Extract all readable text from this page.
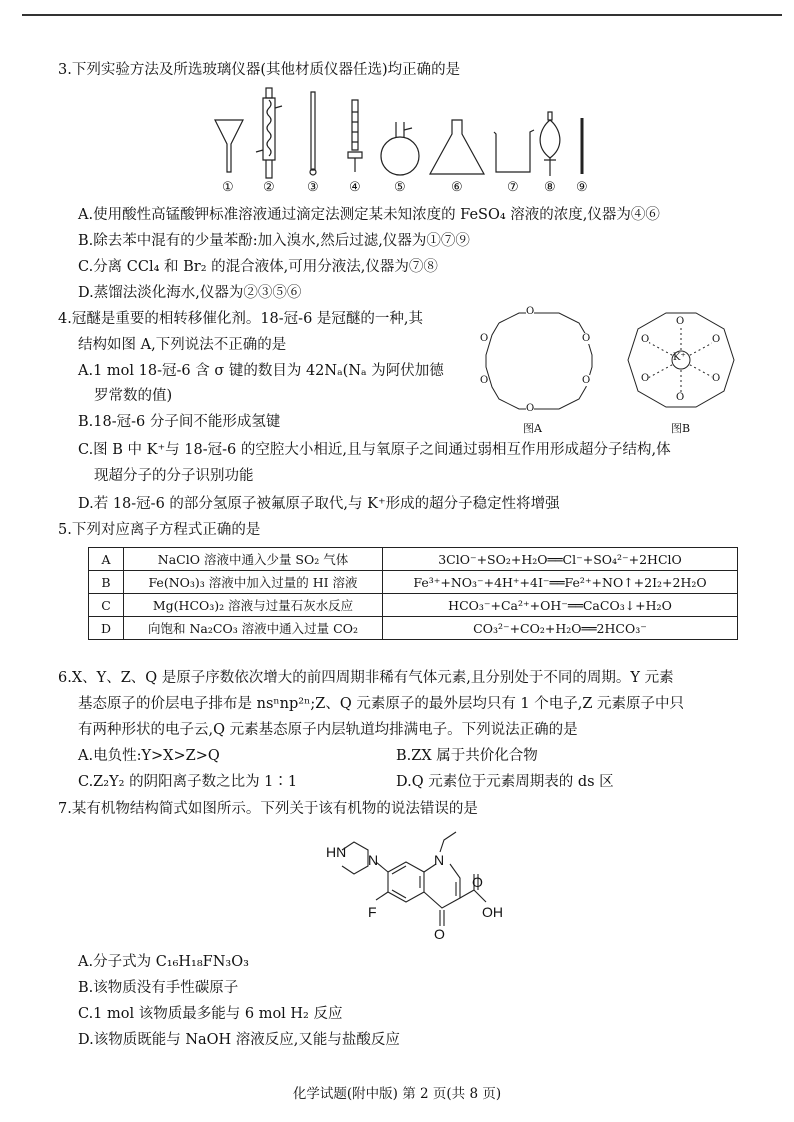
3.下列实验方法及所选玻璃仪器(其他材质仪器任选)均正确的是
① ② ③ ④	⑤	⑥	⑦ ⑧ ⑨
A.使用酸性高锰酸钾标准溶液通过滴定法测定某未知浓度的 FeSO₄ 溶液的浓度,仪器为④⑥
B.除去苯中混有的少量苯酚:加入溴水,然后过滤,仪器为①⑦⑨
C.分离 CCl₄ 和 Br₂ 的混合液体,可用分液法,仪器为⑦⑧
D.蒸馏法淡化海水,仪器为②③⑤⑥
4.冠醚是重要的相转移催化剂。18-冠-6 是冠醚的一种,其
结构如图 A,下列说法不正确的是
A.1 mol 18-冠-6 含 σ 键的数目为 42Nₐ(Nₐ 为阿伏加德
罗常数的值)
B.18-冠-6 分子间不能形成氢键
C.图 B 中 K⁺与 18-冠-6 的空腔大小相近,且与氧原子之间通过弱相互作用形成超分子结构,体
现超分子的分子识别功能
D.若 18-冠-6 的部分氢原子被氟原子取代,与 K⁺形成的超分子稳定性将增强
O
O
O
O
O
O
图A
O
O
O
O
O
O
K⁺
图B
5.下列对应离子方程式正确的是
A	NaClO 溶液中通入少量 SO₂ 气体	3ClO⁻+SO₂+H₂O══Cl⁻+SO₄²⁻+2HClO
B	Fe(NO₃)₃ 溶液中加入过量的 HI 溶液	Fe³⁺+NO₃⁻+4H⁺+4I⁻══Fe²⁺+NO↑+2I₂+2H₂O
C	Mg(HCO₃)₂ 溶液与过量石灰水反应	HCO₃⁻+Ca²⁺+OH⁻══CaCO₃↓+H₂O
D	向饱和 Na₂CO₃ 溶液中通入过量 CO₂	CO₃²⁻+CO₂+H₂O══2HCO₃⁻
6.X、Y、Z、Q 是原子序数依次增大的前四周期非稀有气体元素,且分别处于不同的周期。Y 元素
基态原子的价层电子排布是 nsⁿnp²ⁿ;Z、Q 元素原子的最外层均只有 1 个电子,Z 元素原子中只
有两种形状的电子云,Q 元素基态原子内层轨道均排满电子。下列说法正确的是
A.电负性:Y>X>Z>Q	B.ZX 属于共价化合物
C.Z₂Y₂ 的阴阳离子数之比为 1∶1	D.Q 元素位于元素周期表的 ds 区
7.某有机物结构简式如图所示。下列关于该有机物的说法错误的是
HN N	N
F
O
O
OH
A.分子式为 C₁₆H₁₈FN₃O₃
B.该物质没有手性碳原子
C.1 mol 该物质最多能与 6 mol H₂ 反应
D.该物质既能与 NaOH 溶液反应,又能与盐酸反应
化学试题(附中版) 第 2 页(共 8 页)
